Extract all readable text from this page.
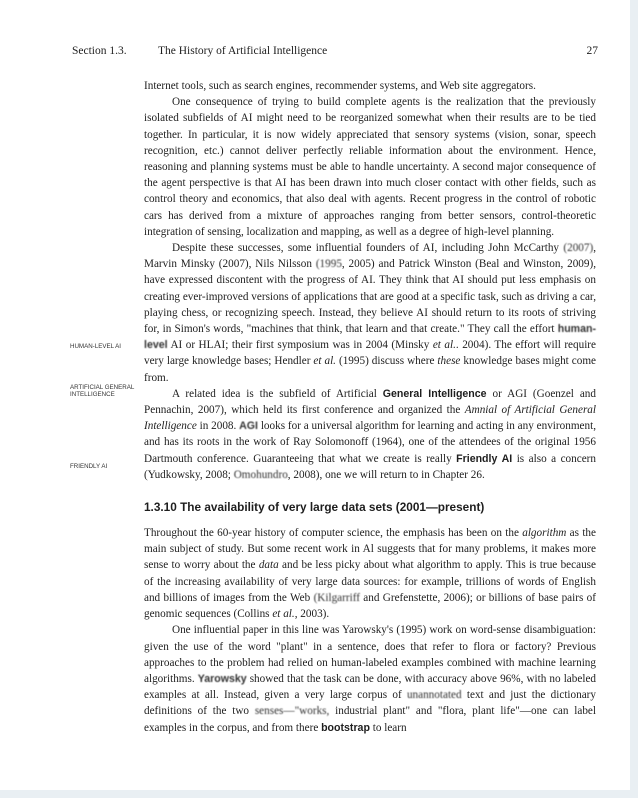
Section 1.3.	The History of Artificial Intelligence	27
HUMAN-LEVEL AI
ARTIFICIAL GENERAL INTELLIGENCE
FRIENDLY AI

Internet tools, such as search engines, recommender systems, and Web site aggregators.

One consequence of trying to build complete agents is the realization that the previously isolated subfields of AI might need to be reorganized somewhat when their results are to be tied together. In particular, it is now widely appreciated that sensory systems (vision, sonar, speech recognition, etc.) cannot deliver perfectly reliable information about the environment. Hence, reasoning and planning systems must be able to handle uncertainty. A second major consequence of the agent perspective is that AI has been drawn into much closer contact with other fields, such as control theory and economics, that also deal with agents. Recent progress in the control of robotic cars has derived from a mixture of approaches ranging from better sensors, control-theoretic integration of sensing, localization and mapping, as well as a degree of high-level planning.

Despite these successes, some influential founders of AI, including John McCarthy (2007), Marvin Minsky (2007), Nils Nilsson (1995, 2005) and Patrick Winston (Beal and Winston, 2009), have expressed discontent with the progress of AI. They think that AI should put less emphasis on creating ever-improved versions of applications that are good at a specific task, such as driving a car, playing chess, or recognizing speech. Instead, they believe AI should return to its roots of striving for, in Simon's words, "machines that think, that learn and that create." They call the effort human-level AI or HLAI; their first symposium was in 2004 (Minsky et al.. 2004). The effort will require very large knowledge bases; Hendler et al. (1995) discuss where these knowledge bases might come from.

A related idea is the subfield of Artificial General Intelligence or AGI (Goenzel and Pennachin, 2007), which held its first conference and organized the Amnial of Artificial General Intelligence in 2008. AGI looks for a universal algorithm for learning and acting in any environment, and has its roots in the work of Ray Solomonoff (1964), one of the attendees of the original 1956 Dartmouth conference. Guaranteeing that what we create is really Friendly AI is also a concern (Yudkowsky, 2008; Omohundro, 2008), one we will return to in Chapter 26.

1.3.10 The availability of very large data sets (2001—present)

Throughout the 60-year history of computer science, the emphasis has been on the algorithm as the main subject of study. But some recent work in Al suggests that for many problems, it makes more sense to worry about the data and be less picky about what algorithm to apply. This is true because of the increasing availability of very large data sources: for example, trillions of words of English and billions of images from the Web (Kilgarriff and Grefenstette, 2006); or billions of base pairs of genomic sequences (Collins et al., 2003).

One influential paper in this line was Yarowsky's (1995) work on word-sense disambiguation: given the use of the word "plant" in a sentence, does that refer to flora or factory? Previous approaches to the problem had relied on human-labeled examples combined with machine learning algorithms. Yarowsky showed that the task can be done, with accuracy above 96%, with no labeled examples at all. Instead, given a very large corpus of unannotated text and just the dictionary definitions of the two senses—"works, industrial plant" and "flora, plant life"—one can label examples in the corpus, and from there bootstrap to learn
